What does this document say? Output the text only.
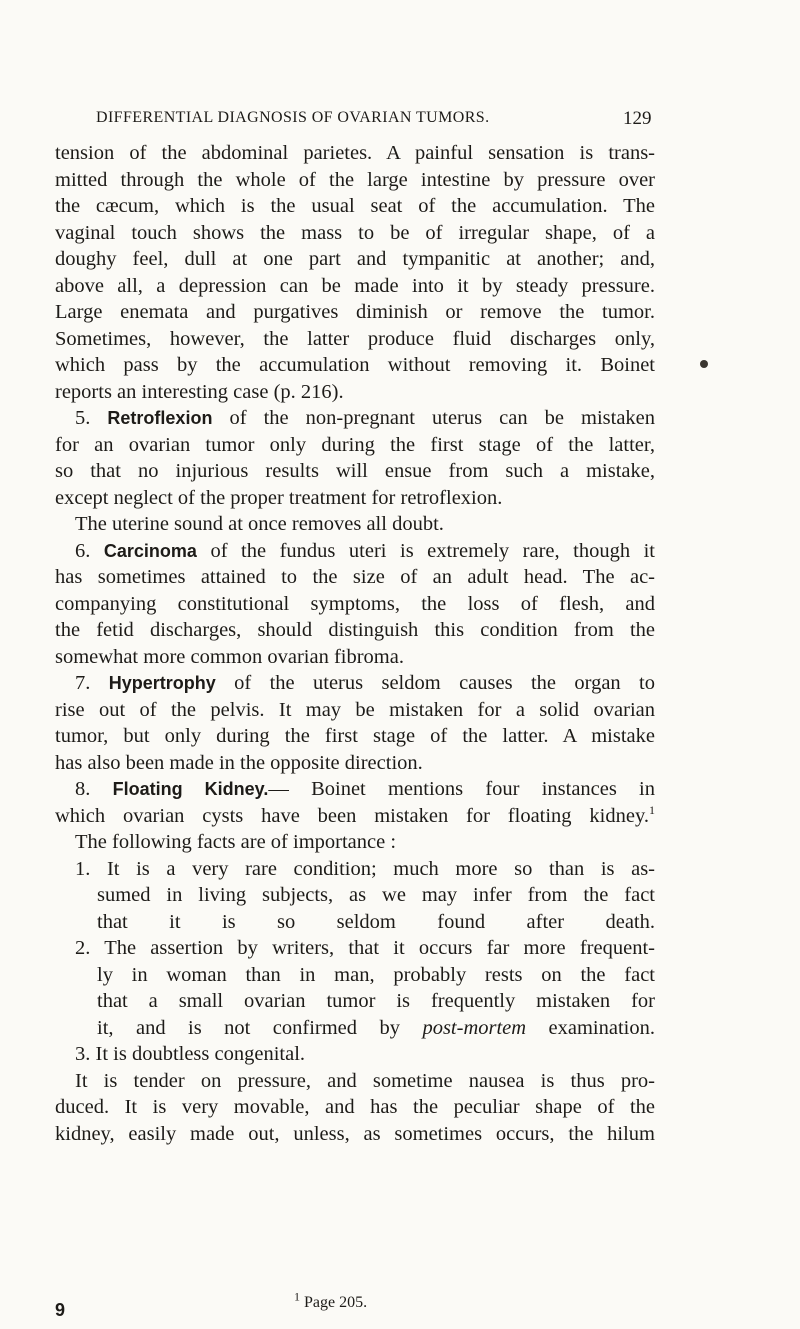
DIFFERENTIAL DIAGNOSIS OF OVARIAN TUMORS.	129
tension of the abdominal parietes. A painful sensation is trans-
mitted through the whole of the large intestine by pressure over
the cæcum, which is the usual seat of the accumulation. The
vaginal touch shows the mass to be of irregular shape, of a
doughy feel, dull at one part and tympanitic at another; and,
above all, a depression can be made into it by steady pressure.
Large enemata and purgatives diminish or remove the tumor.
Sometimes, however, the latter produce fluid discharges only,
which pass by the accumulation without removing it. Boinet
reports an interesting case (p. 216).
5. Retroflexion of the non-pregnant uterus can be mistaken
for an ovarian tumor only during the first stage of the latter,
so that no injurious results will ensue from such a mistake,
except neglect of the proper treatment for retroflexion.
The uterine sound at once removes all doubt.
6. Carcinoma of the fundus uteri is extremely rare, though it
has sometimes attained to the size of an adult head. The ac-
companying constitutional symptoms, the loss of flesh, and
the fetid discharges, should distinguish this condition from the
somewhat more common ovarian fibroma.
7. Hypertrophy of the uterus seldom causes the organ to
rise out of the pelvis. It may be mistaken for a solid ovarian
tumor, but only during the first stage of the latter. A mistake
has also been made in the opposite direction.
8. Floating Kidney.— Boinet mentions four instances in
which ovarian cysts have been mistaken for floating kidney.$^1$
The following facts are of importance :
1. It is a very rare condition; much more so than is as-
sumed in living subjects, as we may infer from the fact
that it is so seldom found after death.
2. The assertion by writers, that it occurs far more frequent-
ly in woman than in man, probably rests on the fact
that a small ovarian tumor is frequently mistaken for
it, and is not confirmed by post-mortem examination.
3. It is doubtless congenital.
It is tender on pressure, and sometime nausea is thus pro-
duced. It is very movable, and has the peculiar shape of the
kidney, easily made out, unless, as sometimes occurs, the hilum
$^1$ Page 205.
9
